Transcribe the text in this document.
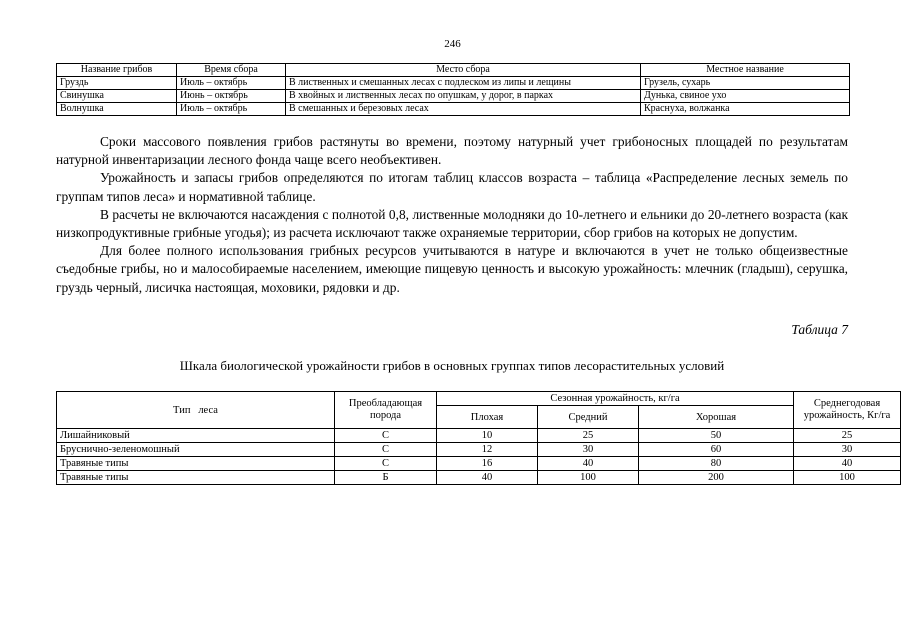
246
Название грибов	Время сбора	Место сбора	Местное название
Груздь	Июль – октябрь	В лиственных и смешанных лесах с подлеском из липы и лещины	Грузель, сухарь
Свинушка	Июнь – октябрь	В хвойных и лиственных лесах по опушкам, у дорог, в парках	Дунька, свиное ухо
Волнушка	Июль – октябрь	В смешанных и березовых лесах	Краснуха, волжанка

Сроки массового появления грибов растянуты во времени, поэтому натурный учет грибоносных площадей по результатам натурной инвентаризации лесного фонда чаще всего необъективен.

Урожайность и запасы грибов определяются по итогам таблиц классов возраста – таблица «Распределение лесных земель по группам типов леса» и нормативной таблице.

В расчеты не включаются насаждения с полнотой 0,8, лиственные молодняки до 10-летнего и ельники до 20-летнего возраста (как низкопродуктивные грибные угодья); из расчета исключают также охраняемые территории, сбор грибов на которых не допустим.

Для более полного использования грибных ресурсов учитываются в натуре и включаются в учет не только общеизвестные съедобные грибы, но и малособираемые населением, имеющие пищевую ценность и высокую урожайность: млечник (гладыш), серушка, груздь черный, лисичка настоящая, моховики, рядовки и др.

Таблица 7
Шкала биологической урожайности грибов в основных группах типов лесорастительных условий
Тип   леса	Преобладающая порода	Сезонная урожайность, кг/га			Среднегодовая урожайность, Кг/га
		Плохая	Средний	Хорошая	
Лишайниковый	С	10	25	50	25
Брусничнo-зеленомошный	С	12	30	60	30
Травяные типы	С	16	40	80	40
Травяные типы	Б	40	100	200	100
